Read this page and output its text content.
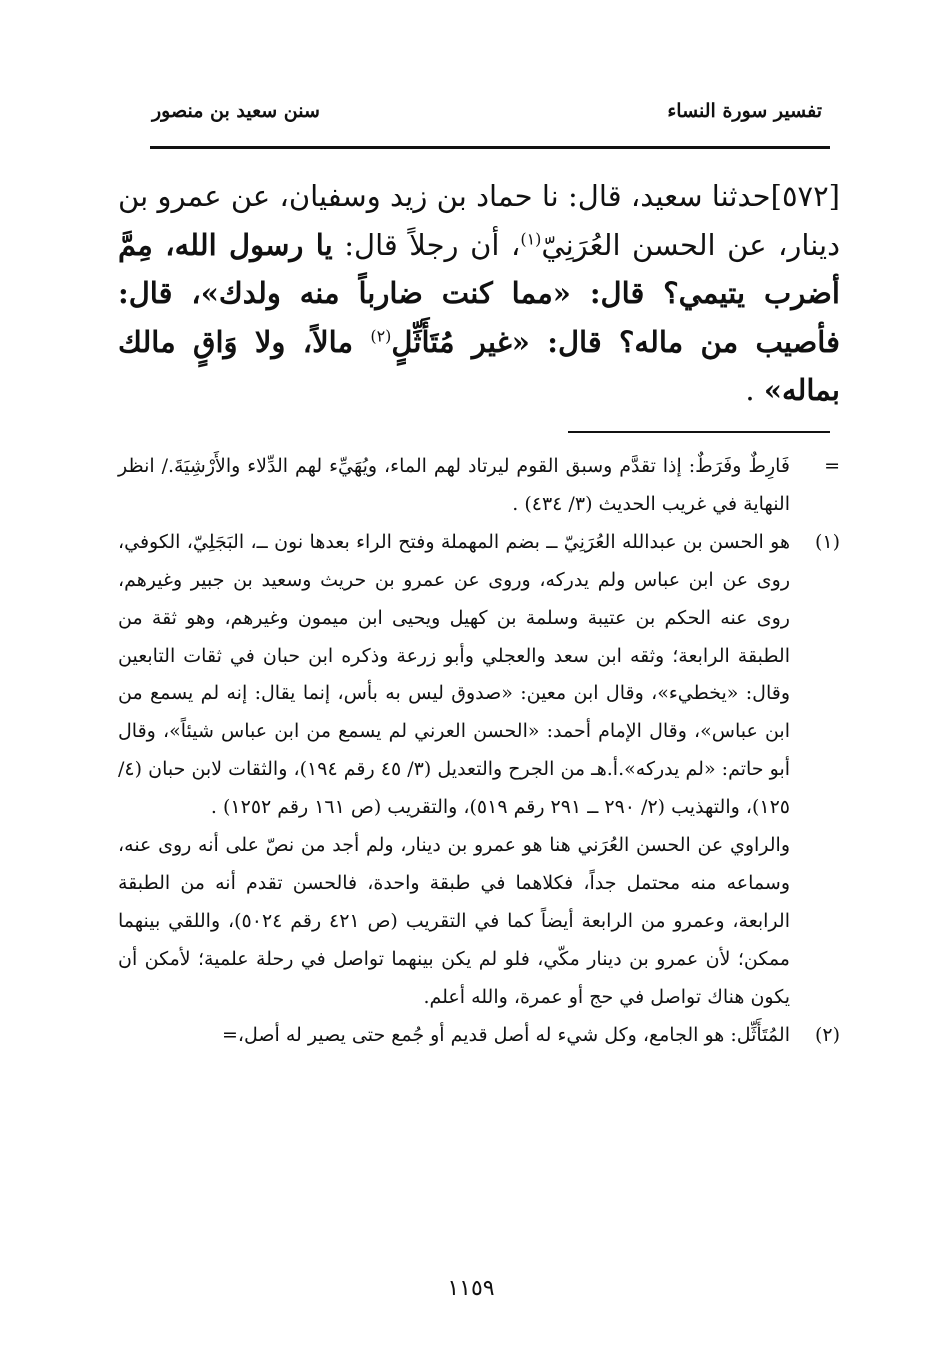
تفسير سورة النساء
سنن سعيد بن منصور
[٥٧٢]حدثنا سعيد، قال: نا حماد بن زيد وسفيان، عن عمرو بن دينار، عن الحسن العُرَنِيّ$^{(١)}$، أن رجلاً قال: يا رسول الله، مِمَّ أضرب يتيمي؟ قال: «مما كنت ضارباً منه ولدك»، قال: فأصيب من ماله؟ قال: «غير مُتَأَثِّلٍ$^{(٢)}$ مالاً، ولا وَاقٍ مالك بماله» .
=
فَارِطٌ وفَرَطٌ: إذا تقدَّم وسبق القوم ليرتاد لهم الماء، ويُهَيِّء لهم الدِّلاء والأَرْشِيَةَ./ انظر النهاية في غريب الحديث (٣/ ٤٣٤) .
(١)
هو الحسن بن عبدالله العُرَنِيّ ــ بضم المهملة وفتح الراء بعدها نون ــ، البَجَلِيّ، الكوفي، روى عن ابن عباس ولم يدركه، وروى عن عمرو بن حريث وسعيد بن جبير وغيرهم، روى عنه الحكم بن عتيبة وسلمة بن كهيل ويحيى ابن ميمون وغيرهم، وهو ثقة من الطبقة الرابعة؛ وثقه ابن سعد والعجلي وأبو زرعة وذكره ابن حبان في ثقات التابعين وقال: «يخطيء»، وقال ابن معين: «صدوق ليس به بأس، إنما يقال: إنه لم يسمع من ابن عباس»، وقال الإمام أحمد: «الحسن العرني لم يسمع من ابن عباس شيئاً»، وقال أبو حاتم: «لم يدركه».أ.هـ من الجرح والتعديل (٣/ ٤٥ رقم ١٩٤)، والثقات لابن حبان (٤/ ١٢٥)، والتهذيب (٢/ ٢٩٠ ــ ٢٩١ رقم ٥١٩)، والتقريب (ص ١٦١ رقم ١٢٥٢) .
والراوي عن الحسن العُرَني هنا هو عمرو بن دينار، ولم أجد من نصّ على أنه روى عنه، وسماعه منه محتمل جداً، فكلاهما في طبقة واحدة، فالحسن تقدم أنه من الطبقة الرابعة، وعمرو من الرابعة أيضاً كما في التقريب (ص ٤٢١ رقم ٥٠٢٤)، واللقي بينهما ممكن؛ لأن عمرو بن دينار مكّي، فلو لم يكن بينهما تواصل في رحلة علمية؛ لأمكن أن يكون هناك تواصل في حج أو عمرة، والله أعلم.
(٢)
المُتَأَثِّل: هو الجامع، وكل شيء له أصل قديم أو جُمع حتى يصير له أصل،=
١١٥٩
